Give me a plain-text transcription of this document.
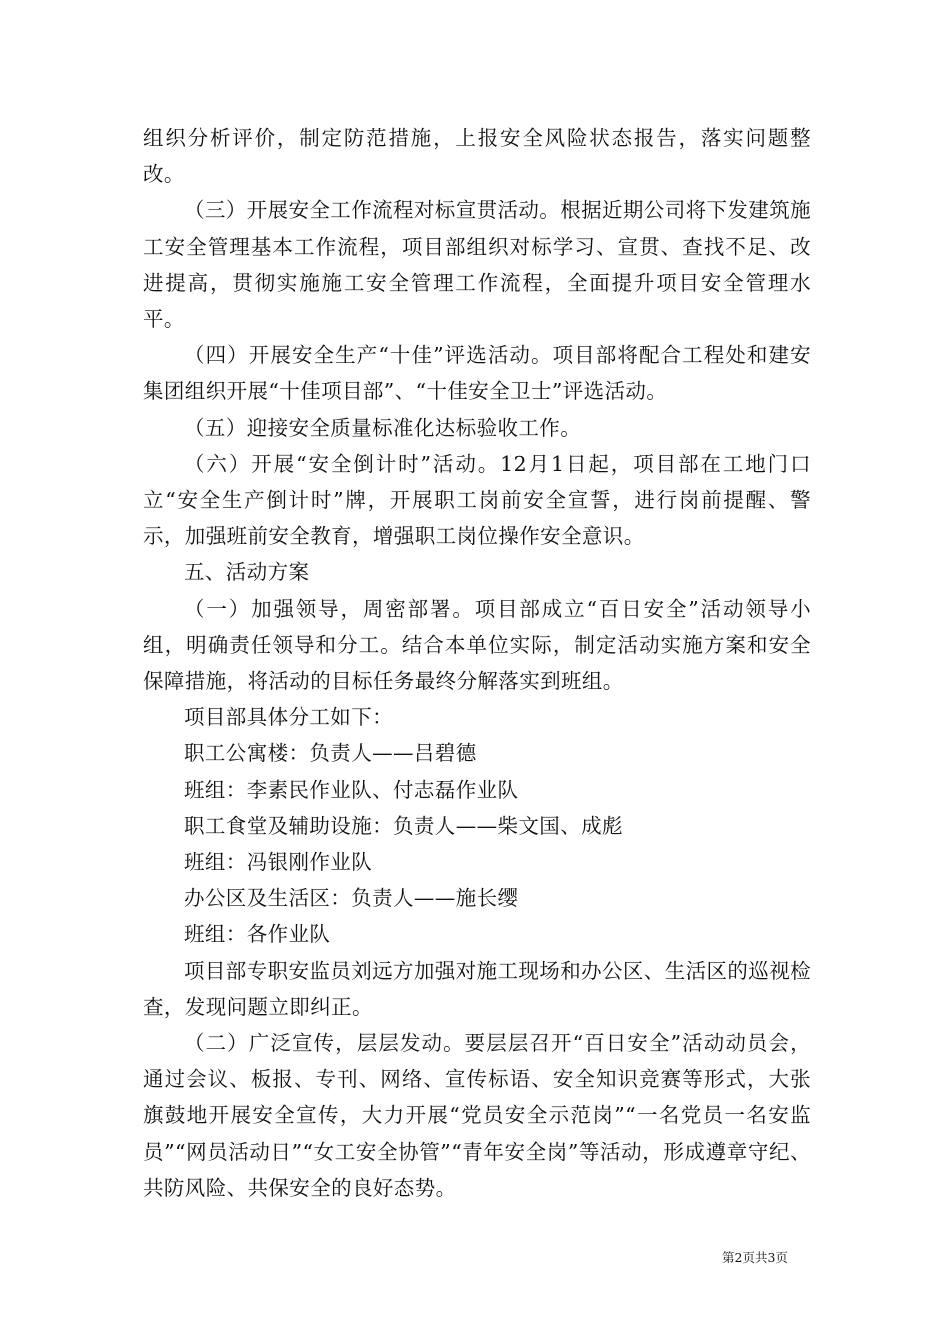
组织分析评价，制定防范措施，上报安全风险状态报告，落实问题整改。

（三）开展安全工作流程对标宣贯活动。根据近期公司将下发建筑施工安全管理基本工作流程，项目部组织对标学习、宣贯、查找不足、改进提高，贯彻实施施工安全管理工作流程，全面提升项目安全管理水平。

（四）开展安全生产“十佳”评选活动。项目部将配合工程处和建安集团组织开展“十佳项目部”、“十佳安全卫士”评选活动。

（五）迎接安全质量标准化达标验收工作。

（六）开展“安全倒计时”活动。12月1日起，项目部在工地门口立“安全生产倒计时”牌，开展职工岗前安全宣誓，进行岗前提醒、警示，加强班前安全教育，增强职工岗位操作安全意识。

五、活动方案

（一）加强领导，周密部署。项目部成立“百日安全”活动领导小组，明确责任领导和分工。结合本单位实际，制定活动实施方案和安全保障措施，将活动的目标任务最终分解落实到班组。

项目部具体分工如下：

职工公寓楼：负责人——吕碧德

班组：李素民作业队、付志磊作业队

职工食堂及辅助设施：负责人——柴文国、成彪

班组：冯银刚作业队

办公区及生活区：负责人——施长缨

班组：各作业队

项目部专职安监员刘远方加强对施工现场和办公区、生活区的巡视检查，发现问题立即纠正。

（二）广泛宣传，层层发动。要层层召开“百日安全”活动动员会，通过会议、板报、专刊、网络、宣传标语、安全知识竞赛等形式，大张旗鼓地开展安全宣传，大力开展“党员安全示范岗”“一名党员一名安监员”“网员活动日”“女工安全协管”“青年安全岗”等活动，形成遵章守纪、共防风险、共保安全的良好态势。

第2页共3页
